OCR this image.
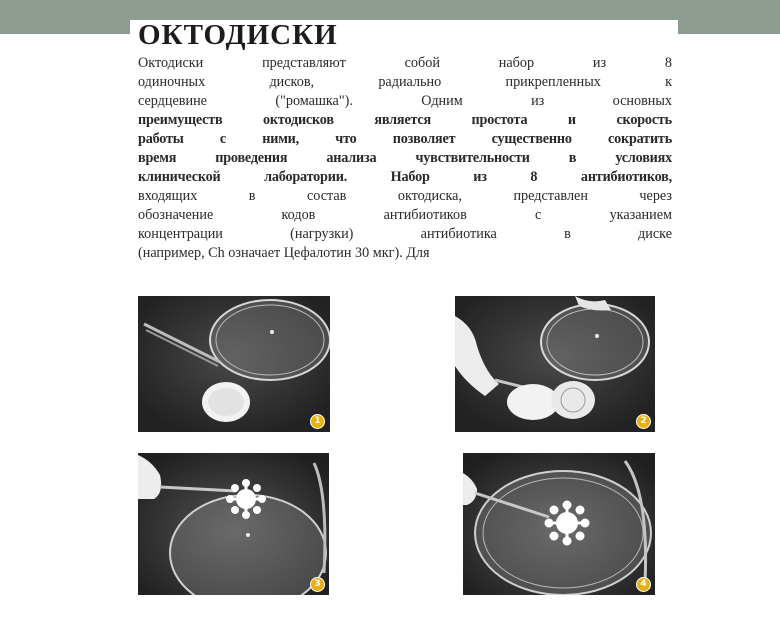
ОКТОДИСКИ
Октодиски представляют собой набор из 8
одиночных дисков, радиально прикрепленных к
сердцевине ("ромашка"). Одним из основных
преимуществ октодисков является простота и скорость
работы с ними, что позволяет существенно сократить
время проведения анализа чувствительности в условиях
клинической лаборатории. Набор из 8 антибиотиков,
входящих в состав октодиска, представлен через
обозначение кодов антибиотиков с указанием
концентрации (нагрузки) антибиотика в диске
(например, Ch означает Цефалотин 30 мкг). Для
1	2
3	4
